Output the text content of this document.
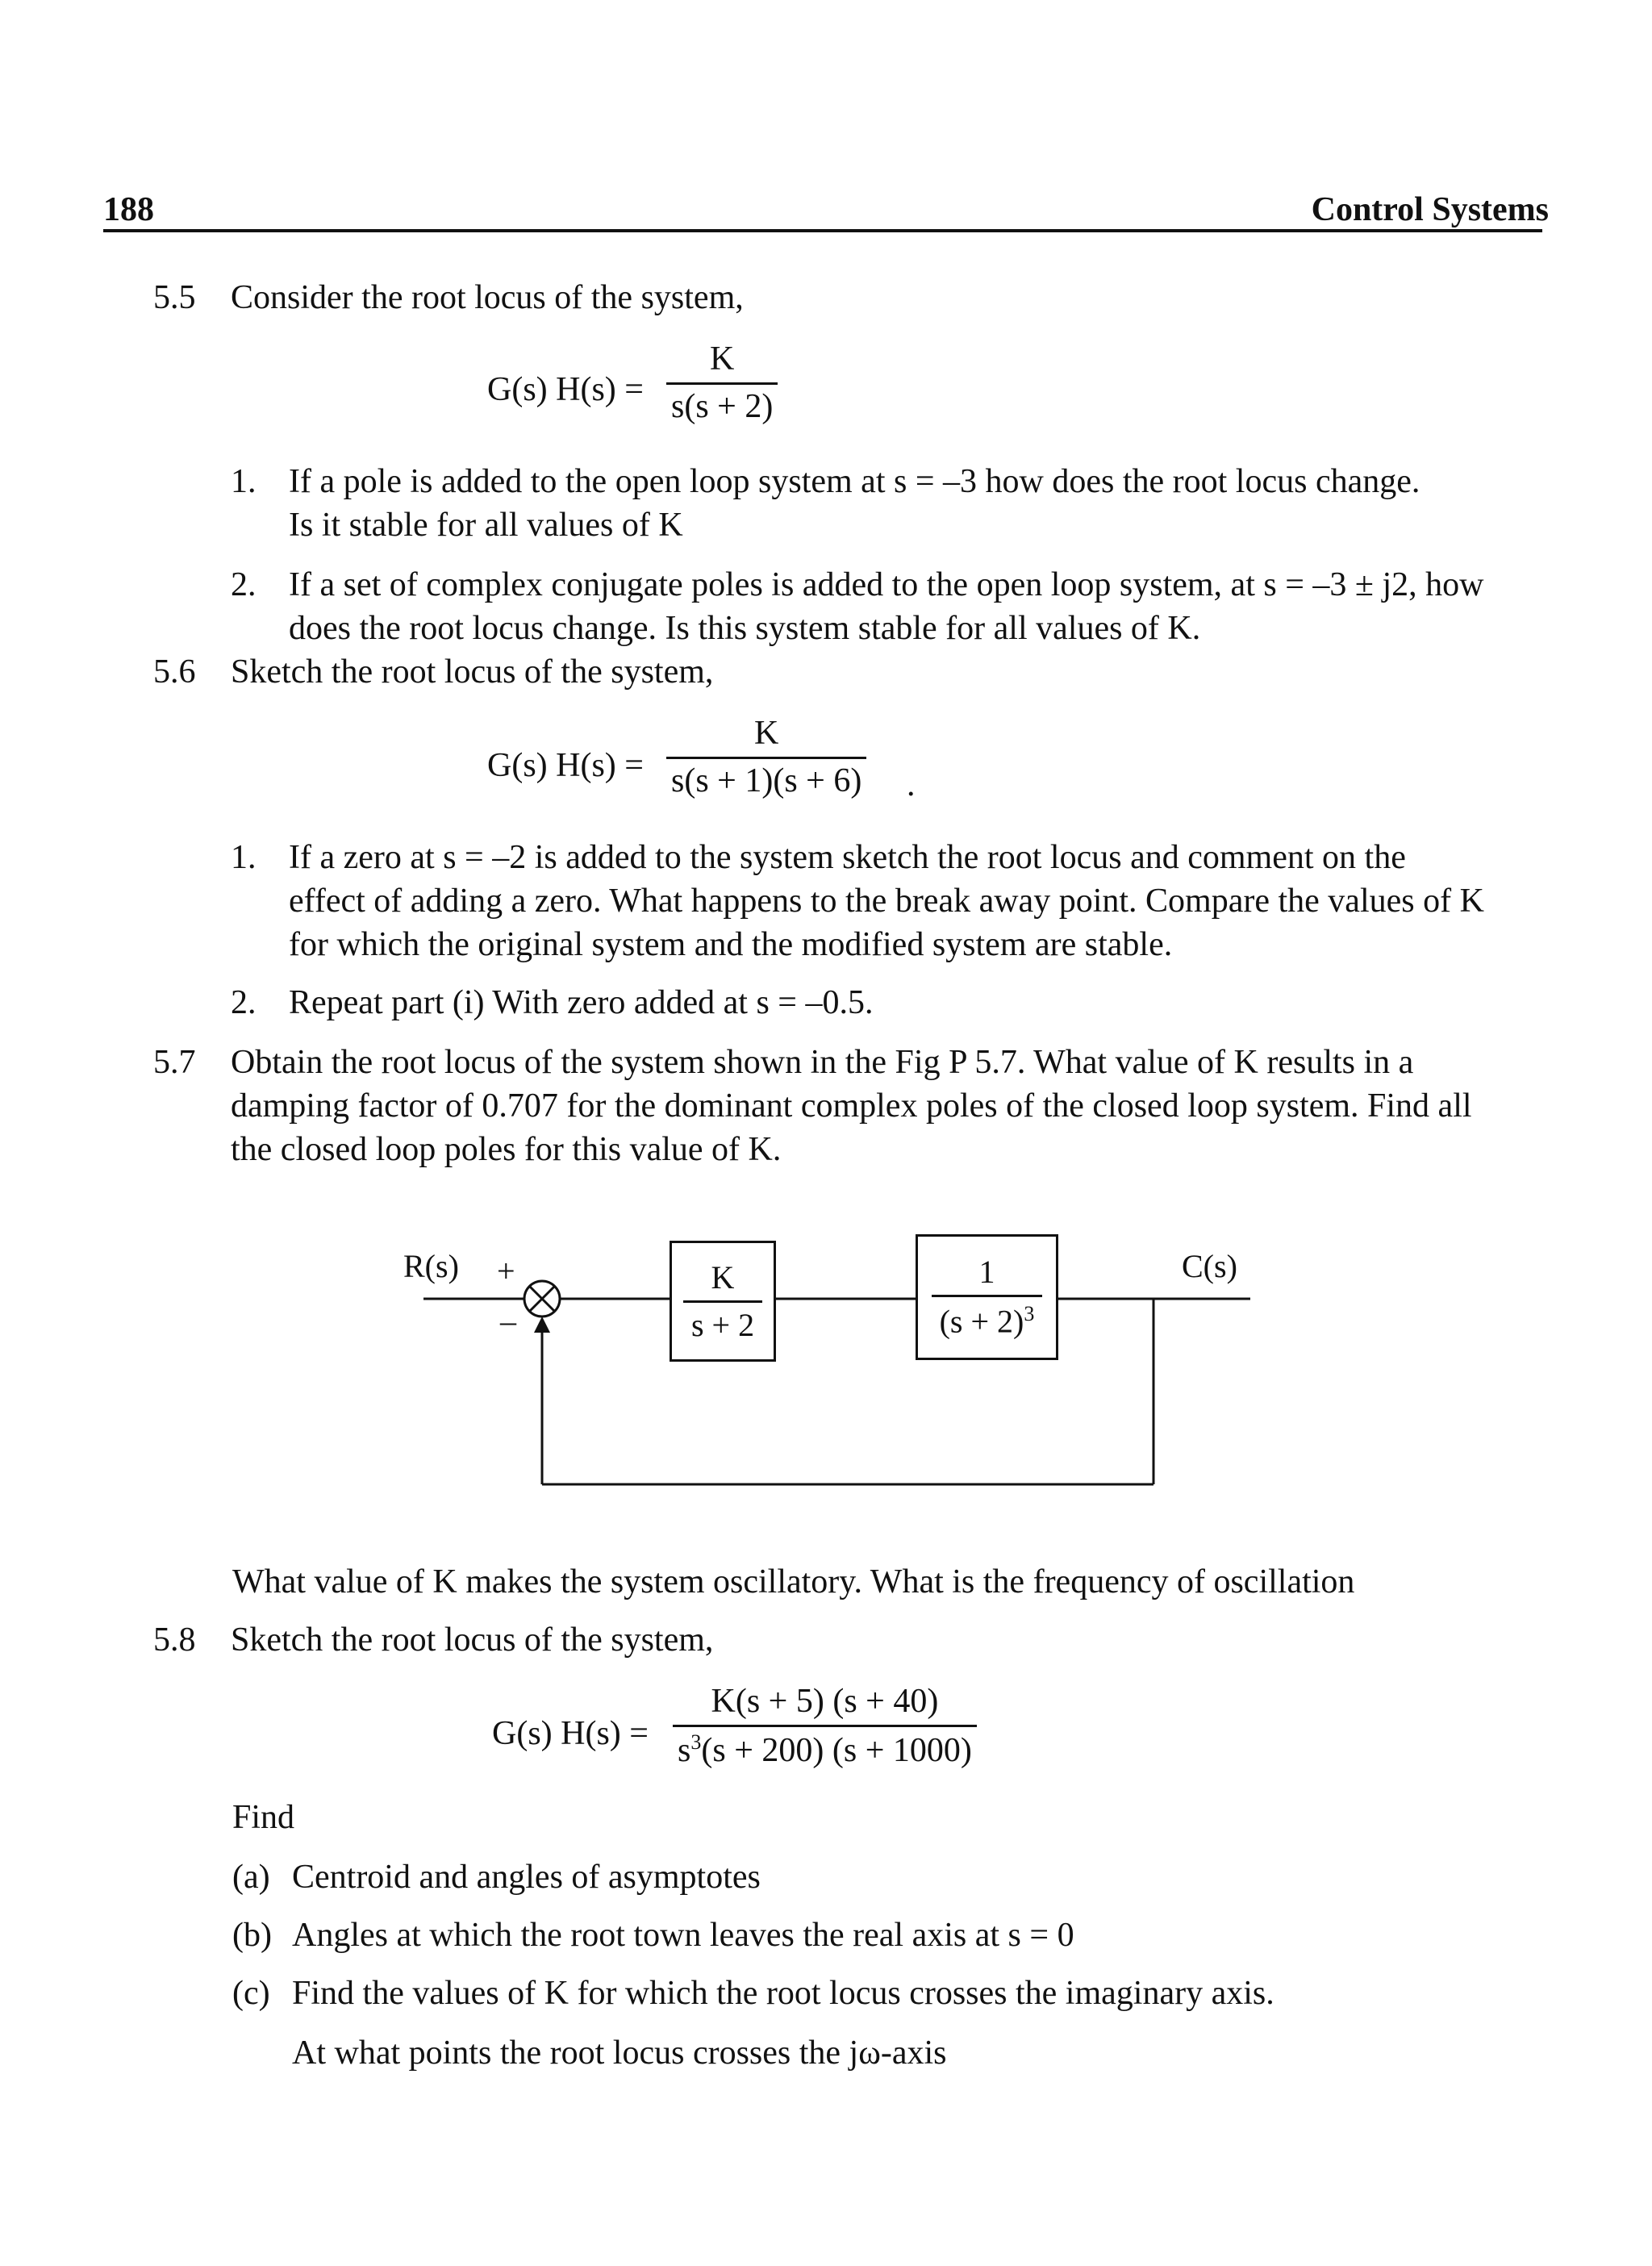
188	Control Systems
5.5 Consider the root locus of the system,
G(s) $H(s) = \frac{K}{s(s + 2)}$
1. If a pole is added to the open loop system at s = –3 how does the root locus change.
Is it stable for all values of K
2. If a set of complex conjugate poles is added to the open loop system, at s = –3 ± j2, how
does the root locus change. Is this system stable for all values of K.
5.6 Sketch the root locus of the system,
G(s) $H(s) = \frac{K}{s(s + 1)(s + 6)}$ .
1. If a zero at s = –2 is added to the system sketch the root locus and comment on the
effect of adding a zero. What happens to the break away point. Compare the values of K
for which the original system and the modified system are stable.
2. Repeat part (i) With zero added at s = –0.5.
5.7 Obtain the root locus of the system shown in the Fig P 5.7. What value of K results in a
damping factor of 0.707 for the dominant complex poles of the closed loop system. Find all
the closed loop poles for this value of K.
R(s) +
–
C(s)
$\frac{K}{s + 2}$	$\frac{1}{(s + 2)^3}$
What value of K makes the system oscillatory. What is the frequency of oscillation
5.8 Sketch the root locus of the system,
G(s) $H(s) = \frac{K(s + 5) (s + 40)}{s^3(s + 200) (s + 1000)}$
Find
(a) Centroid and angles of asymptotes
(b) Angles at which the root town leaves the real axis at s = 0
(c) Find the values of K for which the root locus crosses the imaginary axis.
At what points the root locus crosses the jω-axis
